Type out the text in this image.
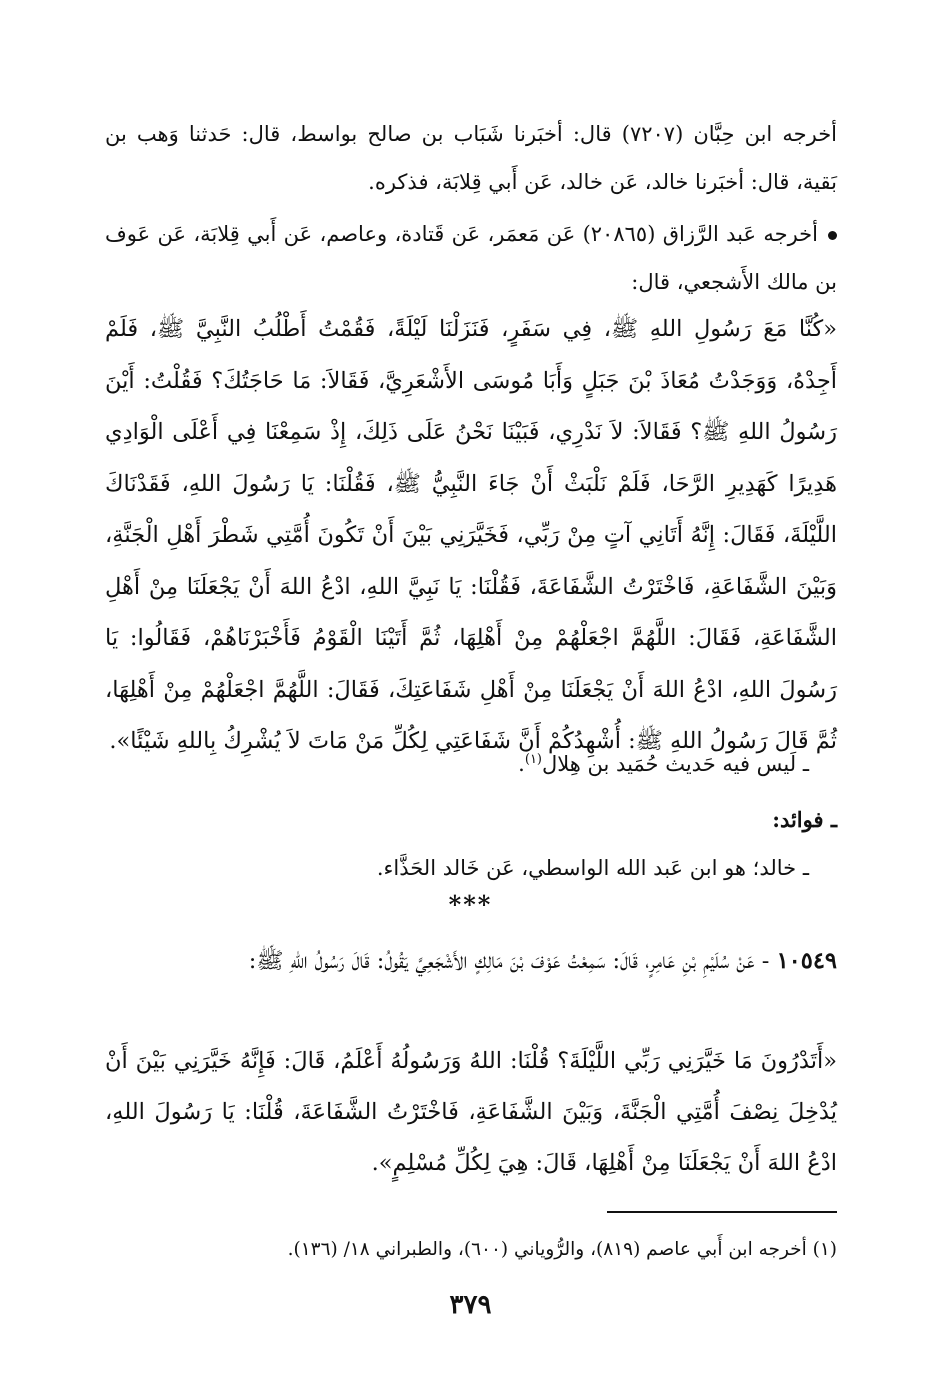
أخرجه ابن حِبَّان (٧٢٠٧) قال: أخبَرنا شَبَاب بن صالح بواسط، قال: حَدثنا وَهب بن بَقية، قال: أخبَرنا خالد، عَن خالد، عَن أَبي قِلابَة، فذكره.
أخرجه عَبد الرَّزاق (٢٠٨٦٥) عَن مَعمَر، عَن قَتادة، وعاصم، عَن أَبي قِلابَة، عَن عَوف بن مالك الأَشجعي، قال:
«كُنَّا مَعَ رَسُولِ اللهِ ﷺ، فِي سَفَرٍ، فَنَزَلْنَا لَيْلَةً، فَقُمْتُ أَطْلُبُ النَّبِيَّ ﷺ، فَلَمْ أَجِدْهُ، وَوَجَدْتُ مُعَاذَ بْنَ جَبَلٍ وَأَبَا مُوسَى الأَشْعَرِيَّ، فَقَالاَ: مَا حَاجَتُكَ؟ فَقُلْتُ: أَيْنَ رَسُولُ اللهِ ﷺ؟ فَقَالاَ: لاَ نَدْرِي، فَبَيْنَا نَحْنُ عَلَى ذَلِكَ، إِذْ سَمِعْنَا فِي أَعْلَى الْوَادِي هَدِيرًا كَهَدِيرِ الرَّحَا، فَلَمْ نَلْبَثْ أَنْ جَاءَ النَّبِيُّ ﷺ، فَقُلْنَا: يَا رَسُولَ اللهِ، فَقَدْنَاكَ اللَّيْلَةَ، فَقَالَ: إِنَّهُ أَتَانِي آتٍ مِنْ رَبِّي، فَخَيَّرَنِي بَيْنَ أَنْ تَكُونَ أُمَّتِي شَطْرَ أَهْلِ الْجَنَّةِ، وَبَيْنَ الشَّفَاعَةِ، فَاخْتَرْتُ الشَّفَاعَةَ، فَقُلْنَا: يَا نَبِيَّ اللهِ، ادْعُ اللهَ أَنْ يَجْعَلَنَا مِنْ أَهْلِ الشَّفَاعَةِ، فَقَالَ: اللَّهُمَّ اجْعَلْهُمْ مِنْ أَهْلِهَا، ثُمَّ أَتَيْنَا الْقَوْمُ فَأَخْبَرْنَاهُمْ، فَقَالُوا: يَا رَسُولَ اللهِ، ادْعُ اللهَ أَنْ يَجْعَلَنَا مِنْ أَهْلِ شَفَاعَتِكَ، فَقَالَ: اللَّهُمَّ اجْعَلْهُمْ مِنْ أَهْلِهَا، ثُمَّ قَالَ رَسُولُ اللهِ ﷺ: أُشْهِدُكُمْ أَنَّ شَفَاعَتِي لِكُلِّ مَنْ مَاتَ لاَ يُشْرِكُ بِاللهِ شَيْئًا».
ـ لَيس فيه حَديث حُمَيد بن هِلال$^{(١)}$.
ـ فوائد:
ـ خالد؛ هو ابن عَبد الله الواسطي، عَن خَالد الحَذَّاء.
***
١٠٥٤٩ - عَنْ سُلَيْمِ بْنِ عَامِرٍ، قَالَ: سَمِعْتُ عَوْفَ بْنَ مَالِكٍ الأَشْجَعِيَّ يَقُولُ: قَالَ رَسُولُ اللهِ ﷺ:
«أَتَدْرُونَ مَا خَيَّرَنِي رَبِّي اللَّيْلَةَ؟ قُلْنَا: اللهُ وَرَسُولُهُ أَعْلَمُ، قَالَ: فَإِنَّهُ خَيَّرَنِي بَيْنَ أَنْ يُدْخِلَ نِصْفَ أُمَّتِي الْجَنَّةَ، وَبَيْنَ الشَّفَاعَةِ، فَاخْتَرْتُ الشَّفَاعَةَ، قُلْنَا: يَا رَسُولَ اللهِ، ادْعُ اللهَ أَنْ يَجْعَلَنَا مِنْ أَهْلِهَا، قَالَ: هِيَ لِكُلِّ مُسْلِمٍ».
(١) أخرجه ابن أَبي عاصم (٨١٩)، والرُّوياني (٦٠٠)، والطبراني ١٨/ (١٣٦).
٣٧٩
